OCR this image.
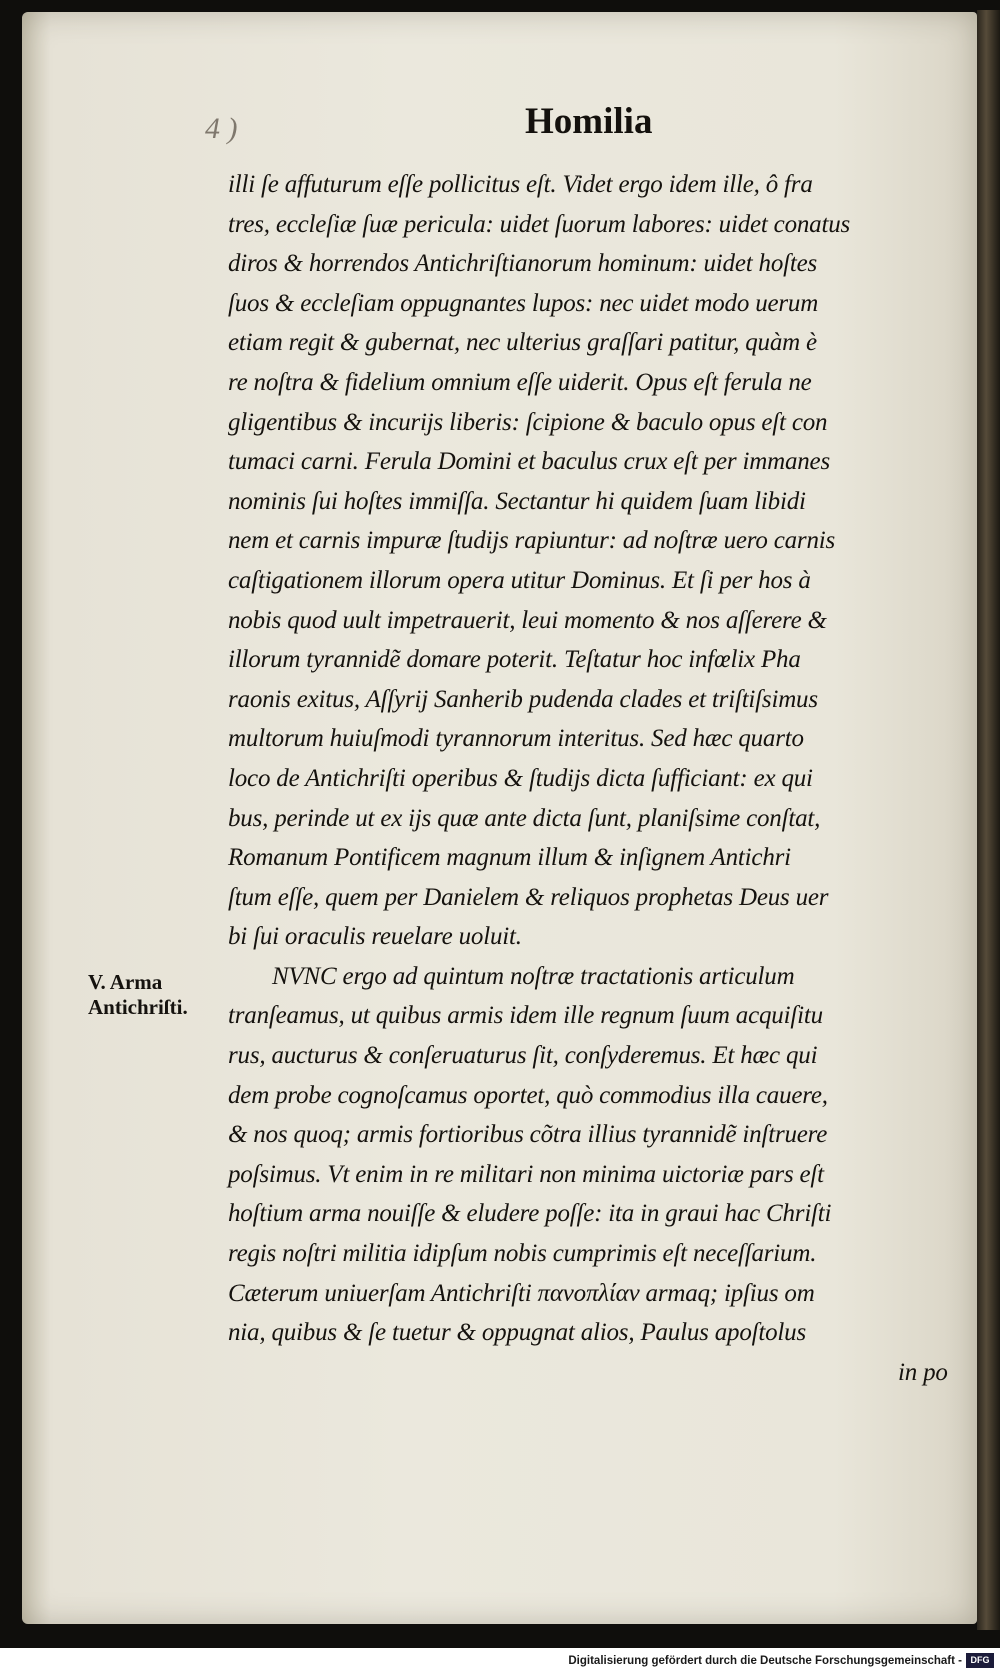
4 )	Homilia
illi ſe affuturum eſſe pollicitus eſt. Videt ergo idem ille, ô fra
tres, eccleſiæ ſuæ pericula: uidet ſuorum labores: uidet conatus
diros & horrendos Antichriſtianorum hominum: uidet hoſtes
ſuos & eccleſiam oppugnantes lupos: nec uidet modo uerum
etiam regit & gubernat, nec ulterius graſſari patitur, quàm è
re noſtra & fidelium omnium eſſe uiderit. Opus eſt ferula ne
gligentibus & incurijs liberis: ſcipione & baculo opus eſt con
tumaci carni. Ferula Domini et baculus crux eſt per immanes
nominis ſui hoſtes immiſſa. Sectantur hi quidem ſuam libidi
nem et carnis impuræ ſtudijs rapiuntur: ad noſtræ uero carnis
caſtigationem illorum opera utitur Dominus. Et ſi per hos à
nobis quod uult impetrauerit, leui momento & nos aſſerere &
illorum tyrannidẽ domare poterit. Teſtatur hoc infœlix Pha
raonis exitus, Aſſyrij Sanherib pudenda clades et triſtiſsimus
multorum huiuſmodi tyrannorum interitus. Sed hæc quarto
loco de Antichriſti operibus & ſtudijs dicta ſufficiant: ex qui
bus, perinde ut ex ijs quæ ante dicta ſunt, planiſsime conſtat,
Romanum Pontificem magnum illum & inſignem Antichri
ſtum eſſe, quem per Danielem & reliquos prophetas Deus uer
bi ſui oraculis reuelare uoluit.
NVNC ergo ad quintum noſtræ tractationis articulum
tranſeamus, ut quibus armis idem ille regnum ſuum acquiſitu
rus, aucturus & conſeruaturus ſit, conſyderemus. Et hæc qui
dem probe cognoſcamus oportet, quò commodius illa cauere,
& nos quoq; armis fortioribus cõtra illius tyrannidẽ inſtruere
poſsimus. Vt enim in re militari non minima uictoriæ pars eſt
hoſtium arma nouiſſe & eludere poſſe: ita in graui hac Chriſti
regis noſtri militia idipſum nobis cumprimis eſt neceſſarium.
Cæterum uniuerſam Antichriſti πανοπλίαν armaq; ipſius om
nia, quibus & ſe tuetur & oppugnat alios, Paulus apoſtolus
in po
V. Arma
Antichriſti.
Digitalisierung gefördert durch die Deutsche Forschungsgemeinschaft - DFG
